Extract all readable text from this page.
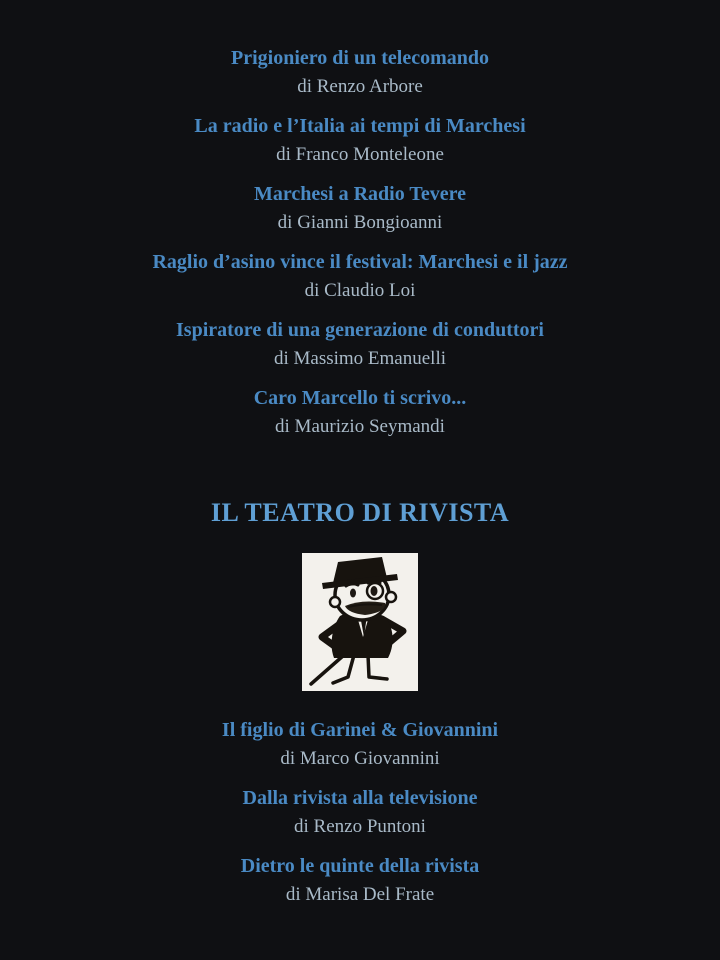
Prigioniero di un telecomando
di Renzo Arbore
La radio e l’Italia ai tempi di Marchesi
di Franco Monteleone
Marchesi a Radio Tevere
di Gianni Bongioanni
Raglio d’asino vince il festival: Marchesi e il jazz
di Claudio Loi
Ispiratore di una generazione di conduttori
di Massimo Emanuelli
Caro Marcello ti scrivo...
di Maurizio Seymandi
IL TEATRO DI RIVISTA
Il figlio di Garinei & Giovannini
di Marco Giovannini
Dalla rivista alla televisione
di Renzo Puntoni
Dietro le quinte della rivista
di Marisa Del Frate
